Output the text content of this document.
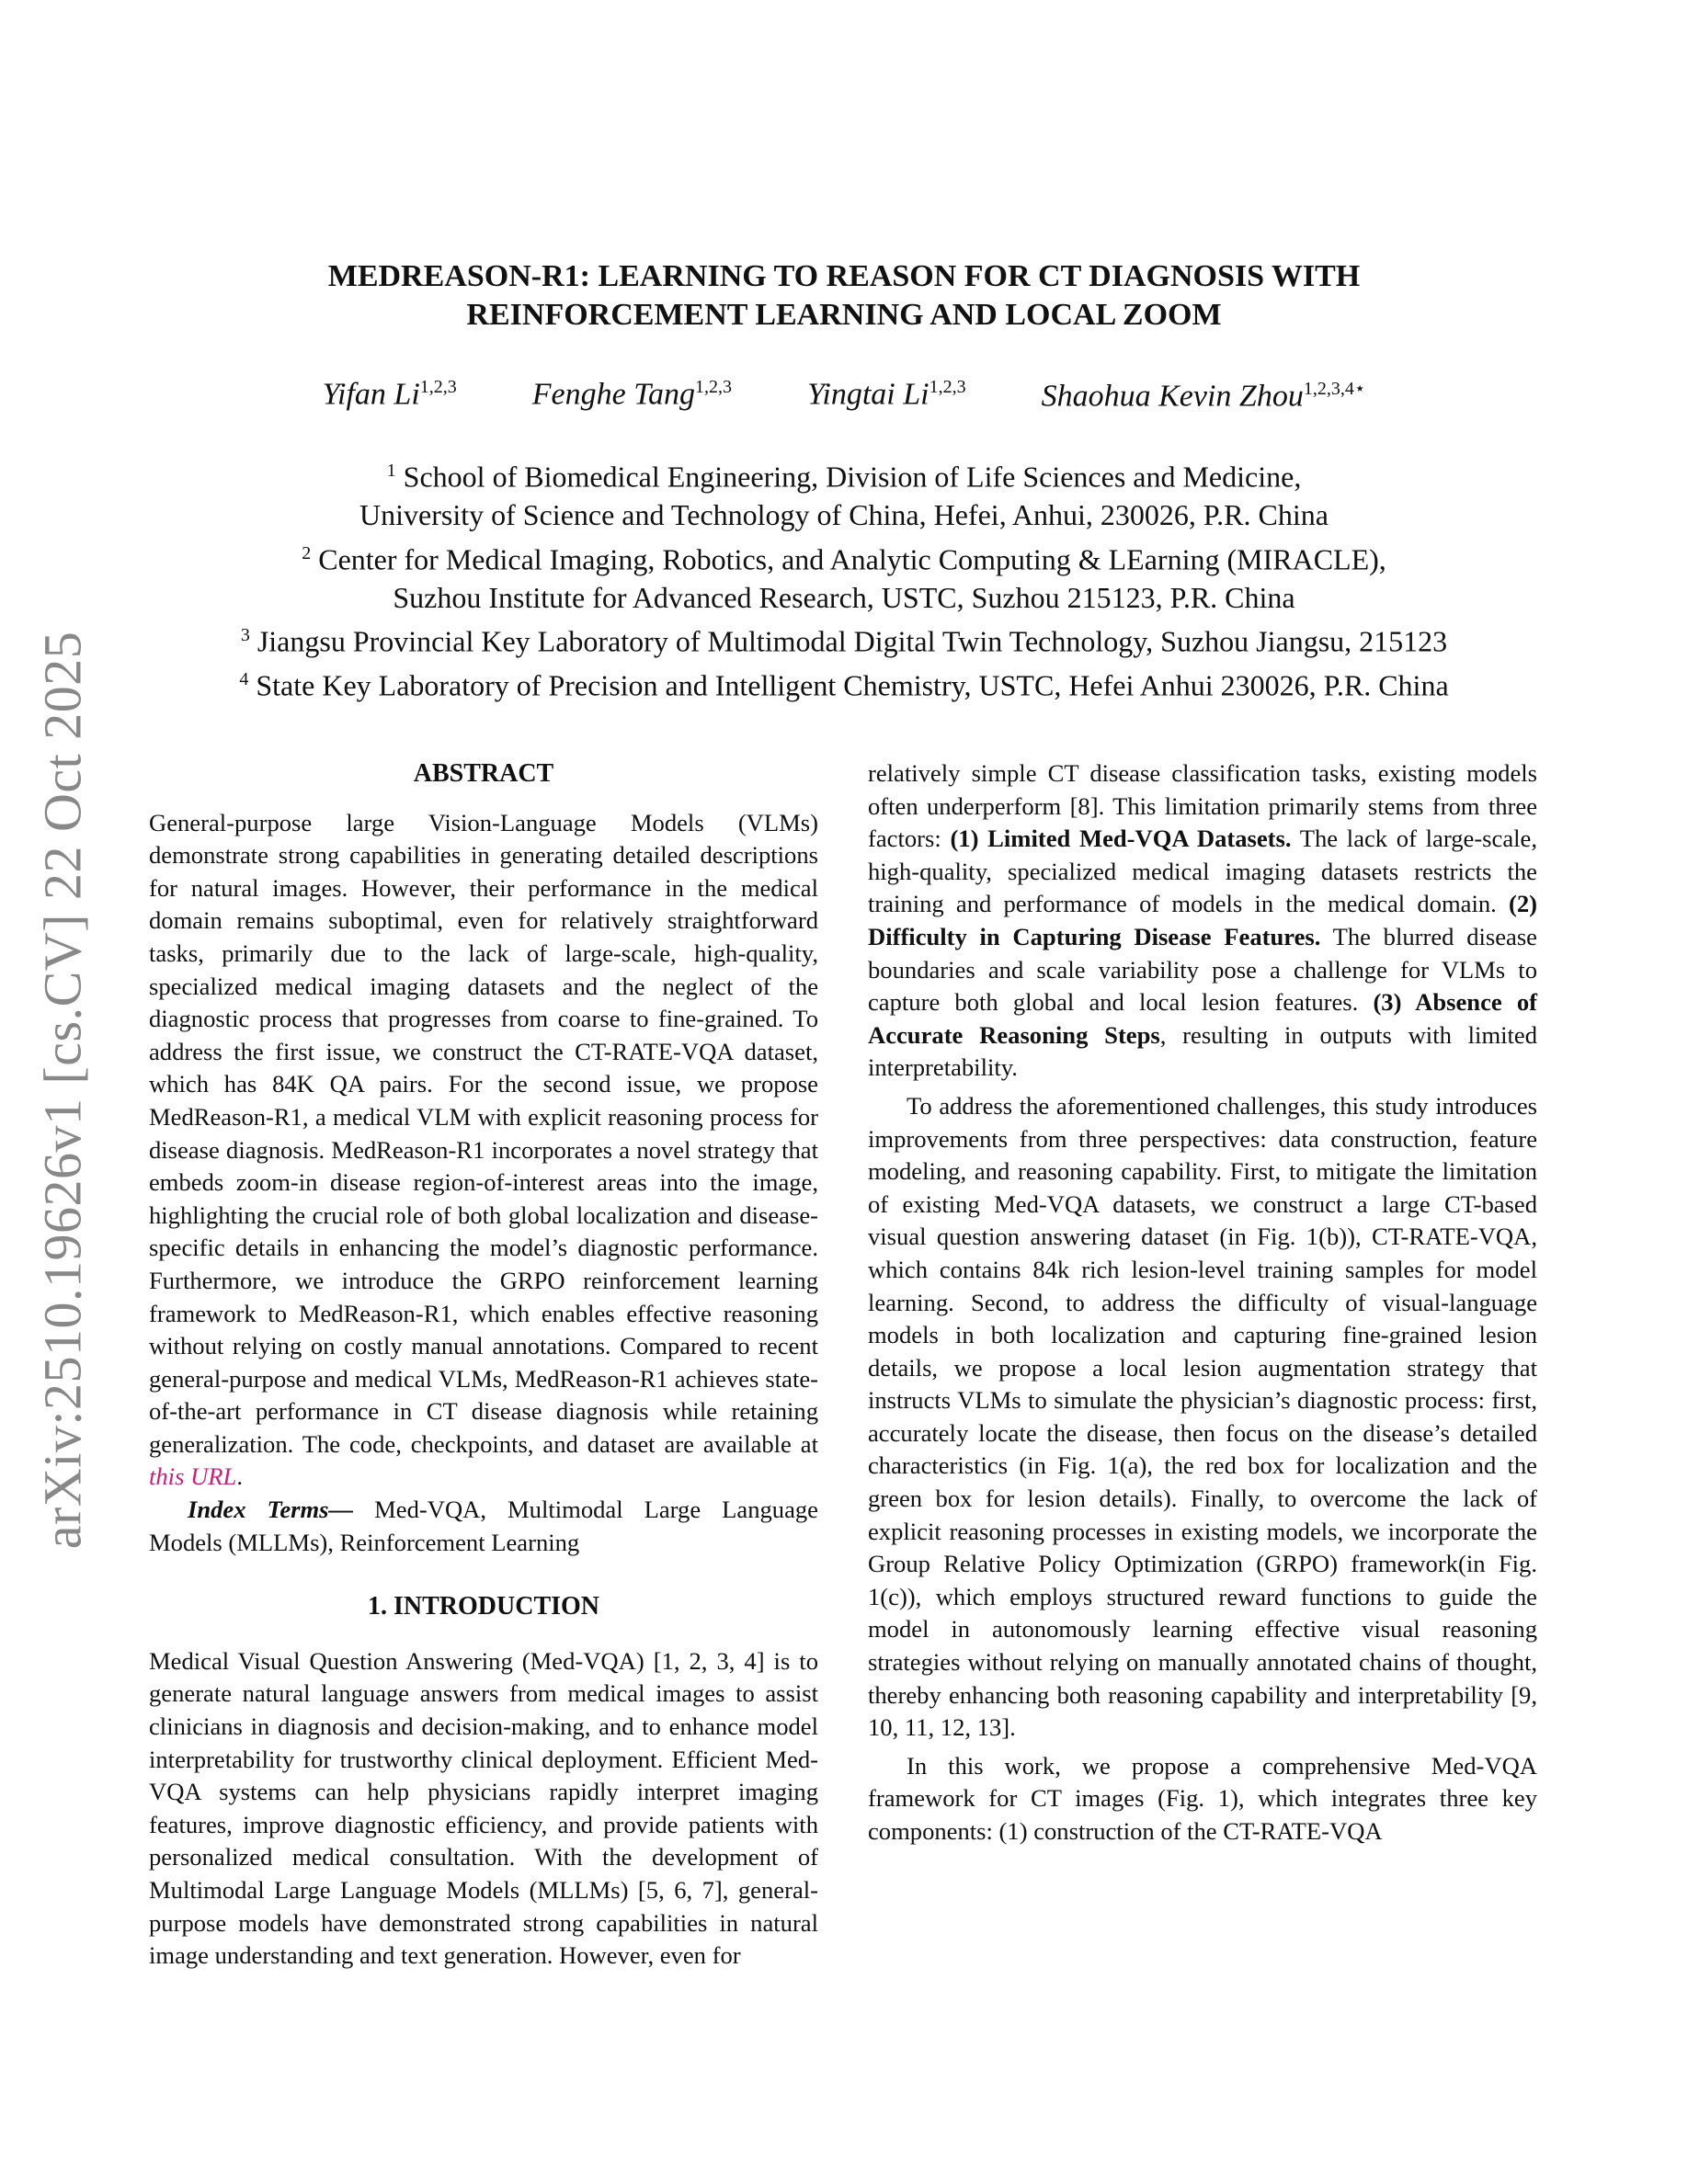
arXiv:2510.19626v1 [cs.CV] 22 Oct 2025
MEDREASON-R1: LEARNING TO REASON FOR CT DIAGNOSIS WITH
REINFORCEMENT LEARNING AND LOCAL ZOOM
Yifan Li$^{1,2,3}$ Fenghe Tang$^{1,2,3}$ Yingtai Li$^{1,2,3}$ Shaohua Kevin Zhou$^{1,2,3,4⋆}$
$^1$ School of Biomedical Engineering, Division of Life Sciences and Medicine,
University of Science and Technology of China, Hefei, Anhui, 230026, P.R. China
$^2$ Center for Medical Imaging, Robotics, and Analytic Computing & LEarning (MIRACLE),
Suzhou Institute for Advanced Research, USTC, Suzhou 215123, P.R. China
$^3$ Jiangsu Provincial Key Laboratory of Multimodal Digital Twin Technology, Suzhou Jiangsu, 215123
$^4$ State Key Laboratory of Precision and Intelligent Chemistry, USTC, Hefei Anhui 230026, P.R. China
ABSTRACT

General-purpose large Vision-Language Models (VLMs) demonstrate strong capabilities in generating detailed descriptions for natural images. However, their performance in the medical domain remains suboptimal, even for relatively straightforward tasks, primarily due to the lack of large-scale, high-quality, specialized medical imaging datasets and the neglect of the diagnostic process that progresses from coarse to fine-grained. To address the first issue, we construct the CT-RATE-VQA dataset, which has 84K QA pairs. For the second issue, we propose MedReason-R1, a medical VLM with explicit reasoning process for disease diagnosis. MedReason-R1 incorporates a novel strategy that embeds zoom-in disease region-of-interest areas into the image, highlighting the crucial role of both global localization and disease-specific details in enhancing the model’s diagnostic performance. Furthermore, we introduce the GRPO reinforcement learning framework to MedReason-R1, which enables effective reasoning without relying on costly manual annotations. Compared to recent general-purpose and medical VLMs, MedReason-R1 achieves state-of-the-art performance in CT disease diagnosis while retaining generalization. The code, checkpoints, and dataset are available at this URL.

Index Terms— Med-VQA, Multimodal Large Language Models (MLLMs), Reinforcement Learning

1. INTRODUCTION

Medical Visual Question Answering (Med-VQA) [1, 2, 3, 4] is to generate natural language answers from medical images to assist clinicians in diagnosis and decision-making, and to enhance model interpretability for trustworthy clinical deployment. Efficient Med-VQA systems can help physicians rapidly interpret imaging features, improve diagnostic efficiency, and provide patients with personalized medical consultation. With the development of Multimodal Large Language Models (MLLMs) [5, 6, 7], general-purpose models have demonstrated strong capabilities in natural image understanding and text generation. However, even for

relatively simple CT disease classification tasks, existing models often underperform [8]. This limitation primarily stems from three factors: (1) Limited Med-VQA Datasets. The lack of large-scale, high-quality, specialized medical imaging datasets restricts the training and performance of models in the medical domain. (2) Difficulty in Capturing Disease Features. The blurred disease boundaries and scale variability pose a challenge for VLMs to capture both global and local lesion features. (3) Absence of Accurate Reasoning Steps, resulting in outputs with limited interpretability.

To address the aforementioned challenges, this study introduces improvements from three perspectives: data construction, feature modeling, and reasoning capability. First, to mitigate the limitation of existing Med-VQA datasets, we construct a large CT-based visual question answering dataset (in Fig. 1(b)), CT-RATE-VQA, which contains 84k rich lesion-level training samples for model learning. Second, to address the difficulty of visual-language models in both localization and capturing fine-grained lesion details, we propose a local lesion augmentation strategy that instructs VLMs to simulate the physician’s diagnostic process: first, accurately locate the disease, then focus on the disease’s detailed characteristics (in Fig. 1(a), the red box for localization and the green box for lesion details). Finally, to overcome the lack of explicit reasoning processes in existing models, we incorporate the Group Relative Policy Optimization (GRPO) framework(in Fig. 1(c)), which employs structured reward functions to guide the model in autonomously learning effective visual reasoning strategies without relying on manually annotated chains of thought, thereby enhancing both reasoning capability and interpretability [9, 10, 11, 12, 13].

In this work, we propose a comprehensive Med-VQA framework for CT images (Fig. 1), which integrates three key components: (1) construction of the CT-RATE-VQA
